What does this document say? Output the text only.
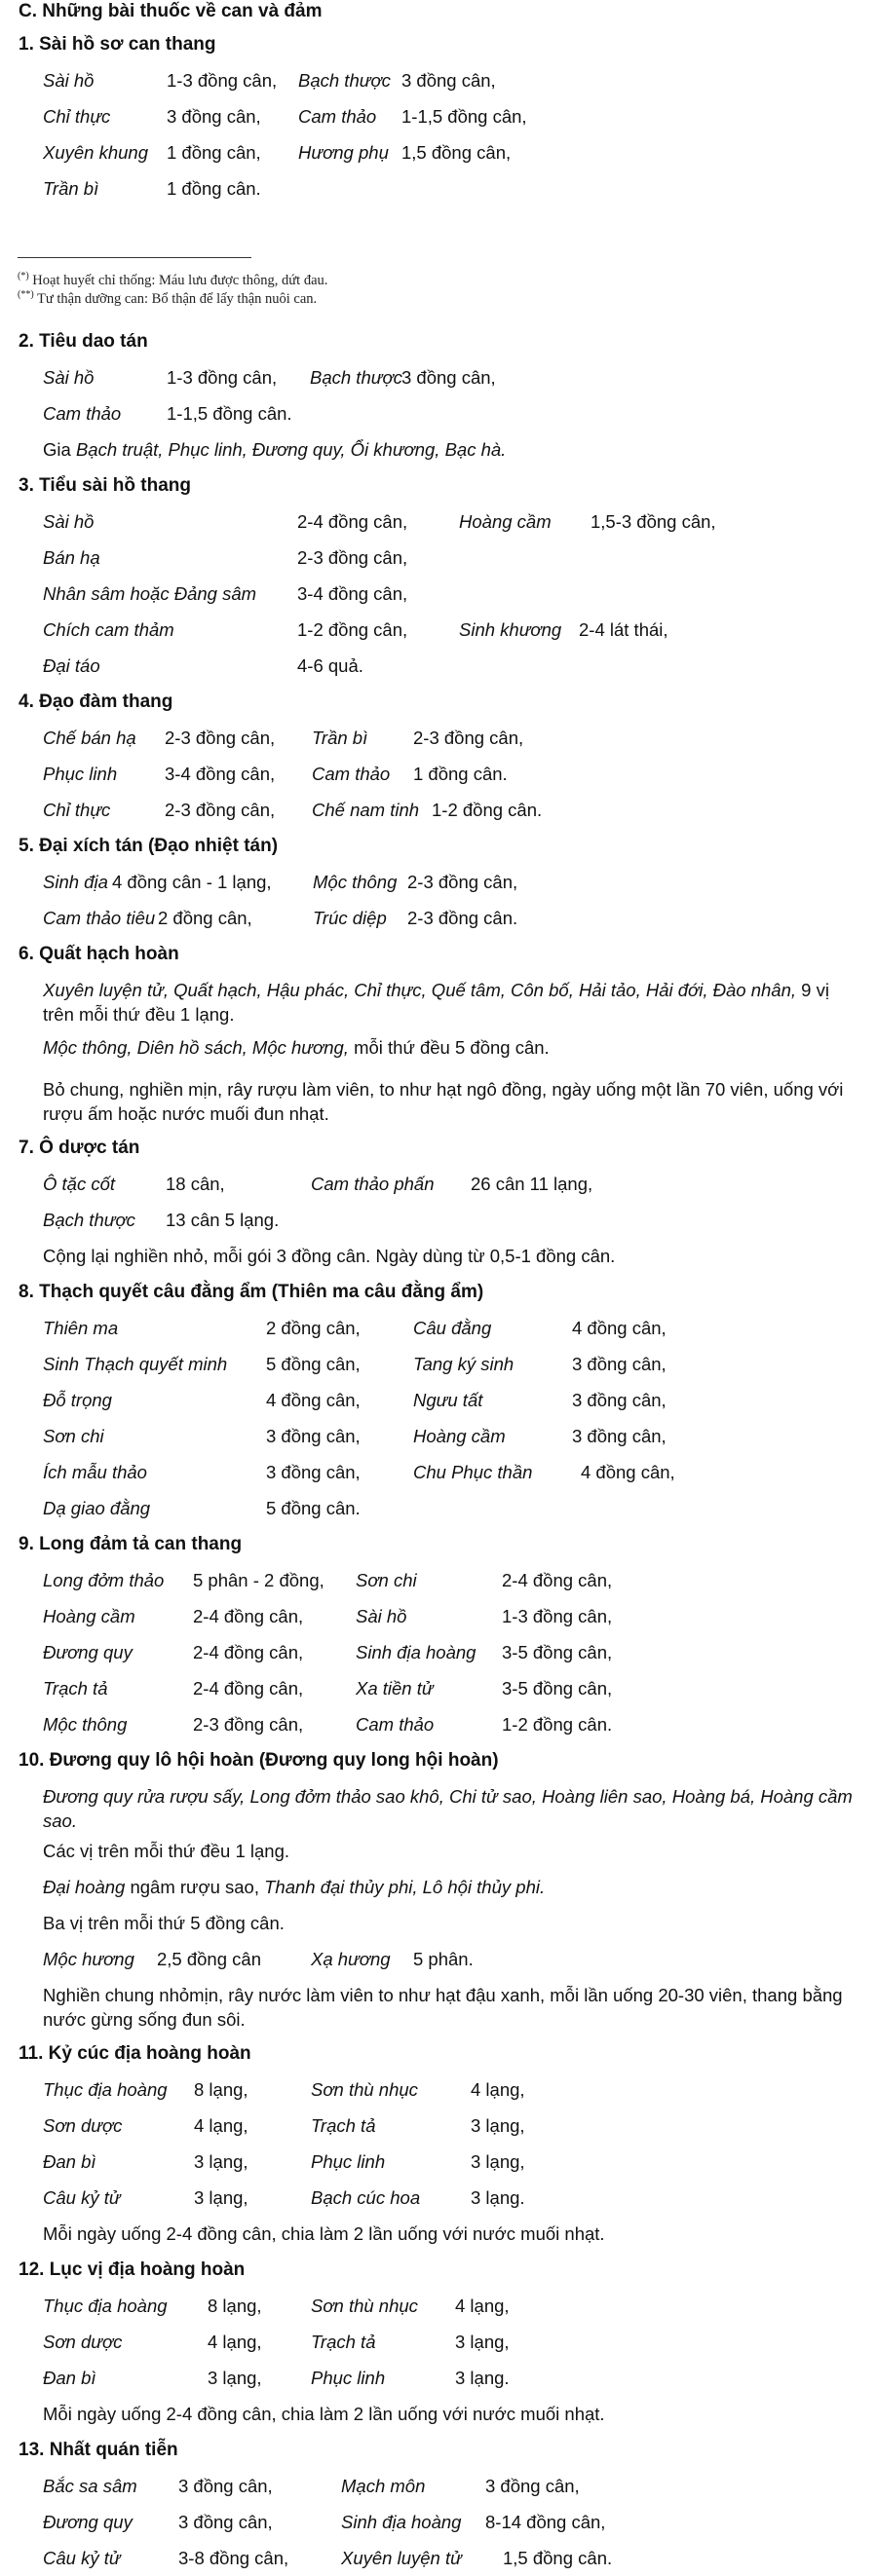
C. Những bài thuốc về can và đảm
1. Sài hồ sơ can thang
Sài hồ	1-3 đồng cân, Bạch thược 3 đồng cân,
Chỉ thực	3 đồng cân, Cam thảo 1-1,5 đồng cân,
Xuyên khung 1 đồng cân, Hương phụ 1,5 đồng cân,
Trần bì	1 đồng cân.
(*) Hoạt huyết chỉ thống: Máu lưu được thông, dứt đau.
(**) Tư thận dưỡng can: Bổ thận để lấy thận nuôi can.
2. Tiêu dao tán
Sài hồ	1-3 đồng cân, Bạch thược 3 đồng cân,
Cam thảo	1-1,5 đồng cân.
Gia Bạch truật, Phục linh, Đương quy, Ổi khương, Bạc hà.
3. Tiểu sài hồ thang
Sài hồ	2-4 đồng cân,	Hoàng cầm 1,5-3 đồng cân,
Bán hạ	2-3 đồng cân,
Nhân sâm hoặc Đảng sâm 3-4 đồng cân,
Chích cam thảm	1-2 đồng cân,	Sinh khương 2-4 lát thái,
Đại táo	4-6 quả.
4. Đạo đàm thang
Chế bán hạ 2-3 đồng cân, Trần bì	2-3 đồng cân,
Phục linh	3-4 đồng cân, Cam thảo 1 đồng cân.
Chỉ thực	2-3 đồng cân, Chế nam tinh 1-2 đồng cân.
5. Đại xích tán (Đạo nhiệt tán)
Sinh địa 4 đồng cân - 1 lạng, Mộc thông 2-3 đồng cân,
Cam thảo tiêu 2 đồng cân,	Trúc diệp 2-3 đồng cân.
6. Quất hạch hoàn
Xuyên luyện tử, Quất hạch, Hậu phác, Chỉ thực, Quế tâm, Côn bố, Hải tảo, Hải đới, Đào nhân, 9 vị trên mỗi thứ đều 1 lạng.
Mộc thông, Diên hồ sách, Mộc hương, mỗi thứ đều 5 đồng cân.
Bỏ chung, nghiền mịn, rây rượu làm viên, to như hạt ngô đồng, ngày uống một lần 70 viên, uống với rượu ấm hoặc nước muối đun nhạt.
7. Ô dược tán
Ô tặc cốt	18 cân,	Cam thảo phấn 26 cân 11 lạng,
Bạch thược 13 cân 5 lạng.
Cộng lại nghiền nhỏ, mỗi gói 3 đồng cân. Ngày dùng từ 0,5-1 đồng cân.
8. Thạch quyết câu đằng ẩm (Thiên ma câu đằng ẩm)
Thiên ma	2 đồng cân,	Câu đằng	4 đồng cân,
Sinh Thạch quyết minh 5 đồng cân,	Tang ký sinh	3 đồng cân,
Đỗ trọng	4 đồng cân,	Ngưu tất	3 đồng cân,
Sơn chi	3 đồng cân,	Hoàng cầm	3 đồng cân,
Ích mẫu thảo	3 đồng cân,	Chu Phục thần	4 đồng cân,
Dạ giao đằng	5 đồng cân.
9. Long đảm tả can thang
Long đởm thảo 5 phân - 2 đồng, Sơn chi	2-4 đồng cân,
Hoàng cầm	2-4 đồng cân,	Sài hồ	1-3 đồng cân,
Đương quy	2-4 đồng cân,	Sinh địa hoàng 3-5 đồng cân,
Trạch tả	2-4 đồng cân,	Xa tiền tử	3-5 đồng cân,
Mộc thông	2-3 đồng cân,	Cam thảo	1-2 đồng cân.
10. Đương quy lô hội hoàn (Đương quy long hội hoàn)
Đương quy rửa rượu sấy, Long đởm thảo sao khô, Chi tử sao, Hoàng liên sao, Hoàng bá, Hoàng cầm sao.
Các vị trên mỗi thứ đều 1 lạng.
Đại hoàng ngâm rượu sao, Thanh đại thủy phi, Lô hội thủy phi.
Ba vị trên mỗi thứ 5 đồng cân.
Mộc hương 2,5 đồng cân	Xạ hương 5 phân.
Nghiền chung nhỏmịn, rây nước làm viên to như hạt đậu xanh, mỗi lần uống 20-30 viên, thang bằng nước gừng sống đun sôi.
11. Kỷ cúc địa hoàng hoàn
Thục địa hoàng 8 lạng,	Sơn thù nhục	4 lạng,
Sơn dược	4 lạng,	Trạch tả	3 lạng,
Đan bì	3 lạng,	Phục linh	3 lạng,
Câu kỷ tử	3 lạng,	Bạch cúc hoa	3 lạng.
Mỗi ngày uống 2-4 đồng cân, chia làm 2 lần uống với nước muối nhạt.
12. Lục vị địa hoàng hoàn
Thục địa hoàng 8 lạng,	Sơn thù nhục 4 lạng,
Sơn dược	4 lạng,	Trạch tả	3 lạng,
Đan bì	3 lạng,	Phục linh	3 lạng.
Mỗi ngày uống 2-4 đồng cân, chia làm 2 lần uống với nước muối nhạt.
13. Nhất quán tiễn
Bắc sa sâm 3 đồng cân,	Mạch môn	3 đồng cân,
Đương quy	3 đồng cân,	Sinh địa hoàng 8-14 đồng cân,
Câu kỷ tử	3-8 đồng cân,	Xuyên luyện tử 1,5 đồng cân.
